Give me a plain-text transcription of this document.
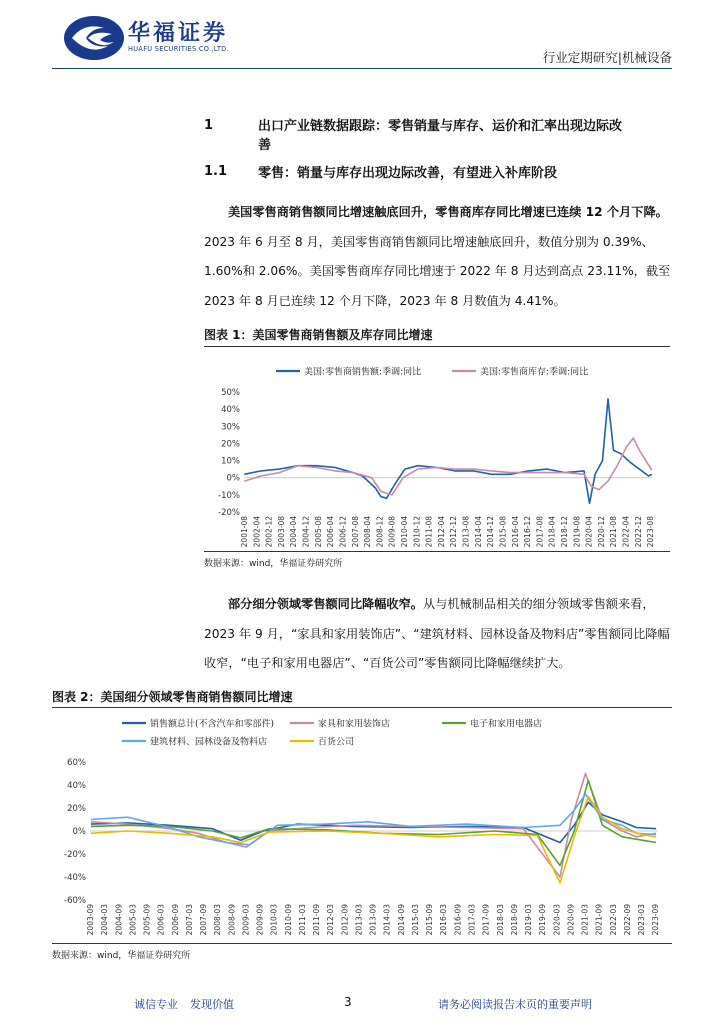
华福证券
HUAFU SECURITIES CO.,LTD.
行业定期研究|机械设备
1	出口产业链数据跟踪：零售销量与库存、运价和汇率出现边际改
善
1.1 零售：销量与库存出现边际改善，有望进入补库阶段

美国零售商销售额同比增速触底回升，零售商库存同比增速已连续 12 个月下降。2023 年 6 月至 8 月，美国零售商销售额同比增速触底回升，数值分别为 0.39%、1.60%和 2.06%。美国零售商库存同比增速于 2022 年 8 月达到高点 23.11%，截至 2023 年 8 月已连续 12 个月下降，2023 年 8 月数值为 4.41%。

图表 1：美国零售商销售额及库存同比增速
50%
40%
30%
20%
10%
0%
-10%
-20%
2001-08 2002-04 2002-12 2003-08 2004-04 2004-12 2005-08 2006-04 2006-12 2007-08 2008-04 2008-12 2009-08 2010-04 2010-12 2011-08 2012-04 2012-12 2013-08 2014-04 2014-12 2015-08 2016-04 2016-12 2017-08 2018-04 2018-12 2019-08 2020-04 2020-12 2021-08 2022-04 2022-12 2023-08
美国:零售商销售额:季调:同比	美国:零售商库存:季调:同比
数据来源：wind，华福证券研究所

部分细分领域零售额同比降幅收窄。从与机械制品相关的细分领域零售额来看，2023 年 9 月，“家具和家用装饰店”、“建筑材料、园林设备及物料店”零售额同比降幅收窄，“电子和家用电器店”、“百货公司”零售额同比降幅继续扩大。

图表 2：美国细分领域零售商销售额同比增速
60%
40%
20%
0%
-20%
-40%
-60%
2003-09 2004-03 2004-09 2005-03 2005-09 2006-03 2006-09 2007-03 2007-09 2008-03 2008-09 2009-03 2009-09 2010-03 2010-09 2011-03 2011-09 2012-03 2012-09 2013-03 2013-09 2014-03 2014-09 2015-03 2015-09 2016-03 2016-09 2017-03 2017-09 2018-03 2018-09 2019-03 2019-09 2020-03 2020-09 2021-03 2021-09 2022-03 2022-09 2023-03 2023-09
销售额总计(不含汽车和零部件)	家具和家用装饰店	电子和家用电器店
建筑材料、园林设备及物料店	百货公司
数据来源：wind，华福证券研究所
诚信专业 发现价值	3	请务必阅读报告末页的重要声明
